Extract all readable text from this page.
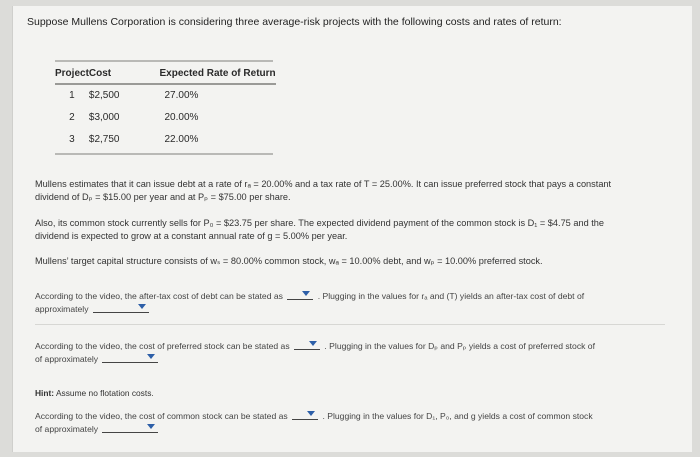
Suppose Mullens Corporation is considering three average-risk projects with the following costs and rates of return:
Project	Cost	Expected Rate of Return
1	$2,500	27.00%
2	$3,000	20.00%
3	$2,750	22.00%
Mullens estimates that it can issue debt at a rate of rₐ = 20.00% and a tax rate of T = 25.00%. It can issue preferred stock that pays a constant
dividend of Dₚ = $15.00 per year and at Pₚ = $75.00 per share.
Also, its common stock currently sells for P₀ = $23.75 per share. The expected dividend payment of the common stock is D₁ = $4.75 and the
dividend is expected to grow at a constant annual rate of g = 5.00% per year.
Mullens’ target capital structure consists of wₛ = 80.00% common stock, wₐ = 10.00% debt, and wₚ = 10.00% preferred stock.
According to the video, the after-tax cost of debt can be stated as	. Plugging in the values for rₐ and (T) yields an after-tax cost of debt of
approximately
According to the video, the cost of preferred stock can be stated as	. Plugging in the values for Dₚ and Pₚ yields a cost of preferred stock of
of approximately
Hint: Assume no flotation costs.
According to the video, the cost of common stock can be stated as	. Plugging in the values for D₁, P₀, and g yields a cost of common stock
of approximately
